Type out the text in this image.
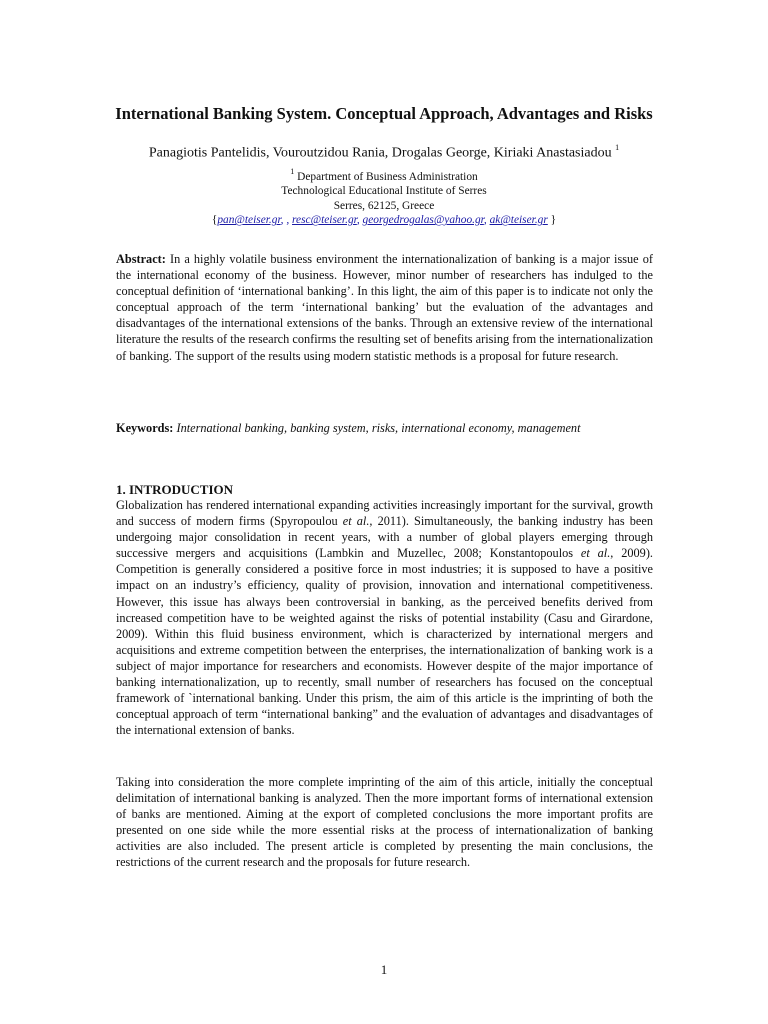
International Banking System. Conceptual Approach, Advantages and Risks
Panagiotis Pantelidis, Vouroutzidou Rania, Drogalas George, Kiriaki Anastasiadou $^1$
$^1$ Department of Business Administration
Technological Educational Institute of Serres
Serres, 62125, Greece
{pan@teiser.gr, , resc@teiser.gr, georgedrogalas@yahoo.gr, ak@teiser.gr }

Abstract: In a highly volatile business environment the internationalization of banking is a major issue of the international economy of the business. However, minor number of researchers has indulged to the conceptual definition of ‘international banking’. In this light, the aim of this paper is to indicate not only the conceptual approach of the term ‘international banking’ but the evaluation of the advantages and disadvantages of the international extensions of the banks. Through an extensive review of the international literature the results of the research confirms the resulting set of benefits arising from the internationalization of banking. The support of the results using modern statistic methods is a proposal for future research.

Keywords: International banking, banking system, risks, international economy, management

1. INTRODUCTION

Globalization has rendered international expanding activities increasingly important for the survival, growth and success of modern firms (Spyropoulou et al., 2011). Simultaneously, the banking industry has been undergoing major consolidation in recent years, with a number of global players emerging through successive mergers and acquisitions (Lambkin and Muzellec, 2008; Konstantopoulos et al., 2009). Competition is generally considered a positive force in most industries; it is supposed to have a positive impact on an industry’s efficiency, quality of provision, innovation and international competitiveness. However, this issue has always been controversial in banking, as the perceived benefits derived from increased competition have to be weighted against the risks of potential instability (Casu and Girardone, 2009). Within this fluid business environment, which is characterized by international mergers and acquisitions and extreme competition between the enterprises, the internationalization of banking work is a subject of major importance for researchers and economists. However despite of the major importance of banking internationalization, up to recently, small number of researchers has focused on the conceptual framework of `international banking. Under this prism, the aim of this article is the imprinting of both the conceptual approach of term “international banking” and the evaluation of advantages and disadvantages of the international extension of banks.

Taking into consideration the more complete imprinting of the aim of this article, initially the conceptual delimitation of international banking is analyzed. Then the more important forms of international extension of banks are mentioned. Aiming at the export of completed conclusions the more important profits are presented on one side while the more essential risks at the process of internationalization of banking activities are also included. The present article is completed by presenting the main conclusions, the restrictions of the current research and the proposals for future research.

1
